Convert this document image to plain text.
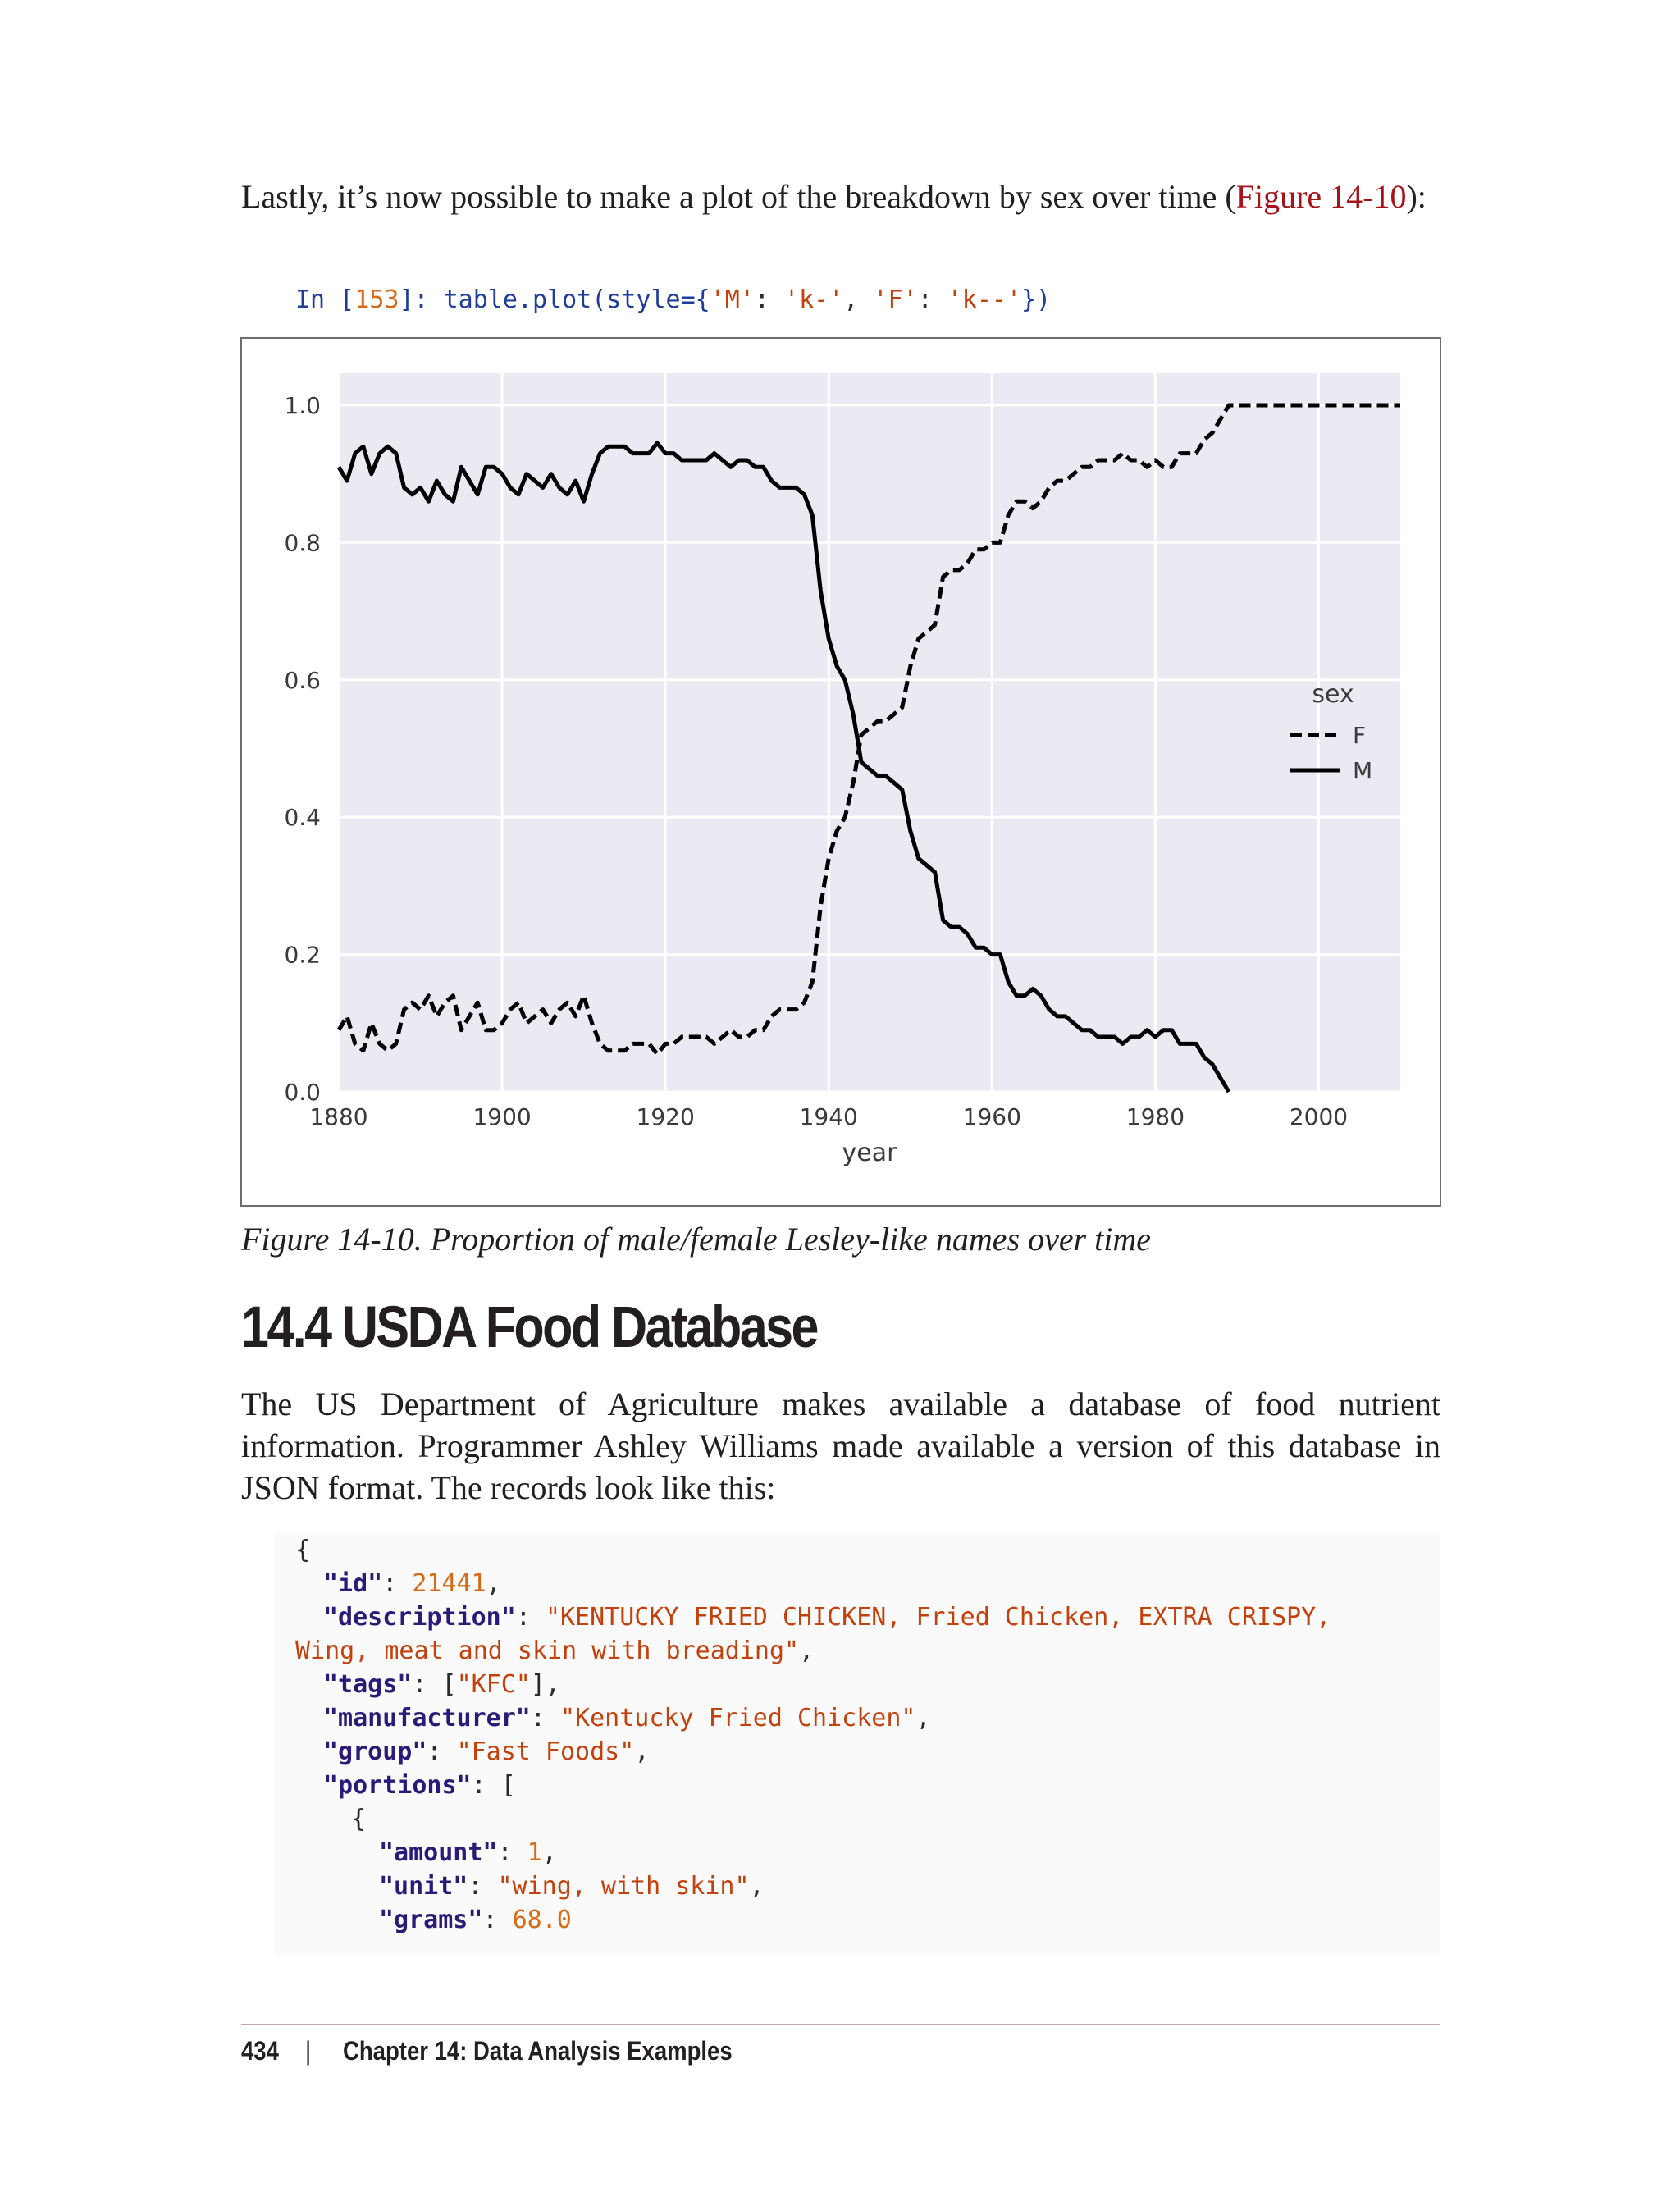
Lastly, it’s now possible to make a plot of the breakdown by sex over time (Figure 14-10):

In [153]: table.plot(style={'M': 'k-', 'F': 'k--'})

1880	1900	1920	1940	1960	1980	2000
0.0
0.2
0.4
0.6
0.8
1.0
year
sex
F
M

Figure 14-10. Proportion of male/female Lesley-like names over time

14.4 USDA Food Database

The US Department of Agriculture makes available a database of food nutrient information. Programmer Ashley Williams made available a version of this database in JSON format. The records look like this:

{

"id": 21441,

"description": "KENTUCKY FRIED CHICKEN, Fried Chicken, EXTRA CRISPY,

Wing, meat and skin with breading",

"tags": ["KFC"],

"manufacturer": "Kentucky Fried Chicken",

"group": "Fast Foods",

"portions": [

{

"amount": 1,

"unit": "wing, with skin",

"grams": 68.0

434 | Chapter 14: Data Analysis Examples
